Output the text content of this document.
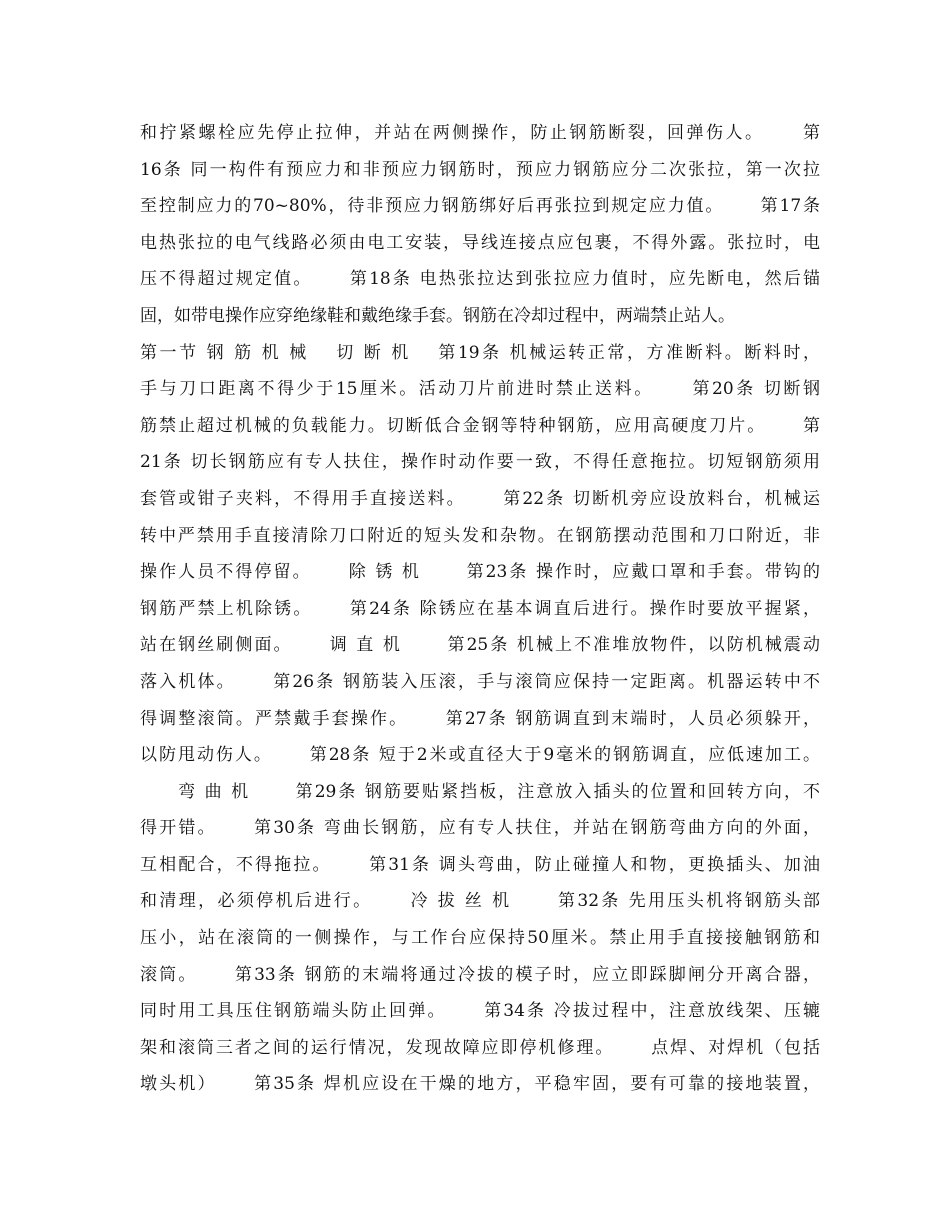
和拧紧螺栓应先停止拉伸，并站在两侧操作，防止钢筋断裂，回弹伤人。　　 第
16条 同一构件有预应力和非预应力钢筋时，预应力钢筋应分二次张拉，第一次拉
至控制应力的70~80%，待非预应力钢筋绑好后再张拉到规定应力值。　　 第17条
电热张拉的电气线路必须由电工安装，导线连接点应包裹，不得外露。张拉时，电
压不得超过规定值。　　 第18条 电热张拉达到张拉应力值时，应先断电，然后锚
固，如带电操作应穿绝缘鞋和戴绝缘手套。钢筋在冷却过程中，两端禁止站人。
第一节 钢 筋 机 械　 切 断 机　 第19条 机械运转正常，方准断料。断料时，
手与刀口距离不得少于15厘米。活动刀片前进时禁止送料。　　 第20条 切断钢
筋禁止超过机械的负载能力。切断低合金钢等特种钢筋，应用高硬度刀片。　　 第
21条 切长钢筋应有专人扶住，操作时动作要一致，不得任意拖拉。切短钢筋须用
套管或钳子夹料，不得用手直接送料。　　 第22条 切断机旁应设放料台，机械运
转中严禁用手直接清除刀口附近的短头发和杂物。在钢筋摆动范围和刀口附近，非
操作人员不得停留。　　 除 锈 机　　 第23条 操作时，应戴口罩和手套。带钩的
钢筋严禁上机除锈。　　 第24条 除锈应在基本调直后进行。操作时要放平握紧，
站在钢丝刷侧面。　　 调 直 机　　 第25条 机械上不准堆放物件，以防机械震动
落入机体。　　 第26条 钢筋装入压滚，手与滚筒应保持一定距离。机器运转中不
得调整滚筒。严禁戴手套操作。　　 第27条 钢筋调直到末端时，人员必须躲开，
以防甩动伤人。　　 第28条 短于2米或直径大于9毫米的钢筋调直，应低速加工。
　　弯 曲 机　　 第29条 钢筋要贴紧挡板，注意放入插头的位置和回转方向，不
得开错。　　 第30条 弯曲长钢筋，应有专人扶住，并站在钢筋弯曲方向的外面，
互相配合，不得拖拉。　　 第31条 调头弯曲，防止碰撞人和物，更换插头、加油
和清理，必须停机后进行。　　 冷 拔 丝 机　　 第32条 先用压头机将钢筋头部
压小，站在滚筒的一侧操作，与工作台应保持50厘米。禁止用手直接接触钢筋和
滚筒。　　 第33条 钢筋的末端将通过冷拔的模子时，应立即踩脚闸分开离合器，
同时用工具压住钢筋端头防止回弹。　　 第34条 冷拔过程中，注意放线架、压辘
架和滚筒三者之间的运行情况，发现故障应即停机修理。　　 点焊、对焊机（包括
墩头机）　　 第35条 焊机应设在干燥的地方，平稳牢固，要有可靠的接地装置，
